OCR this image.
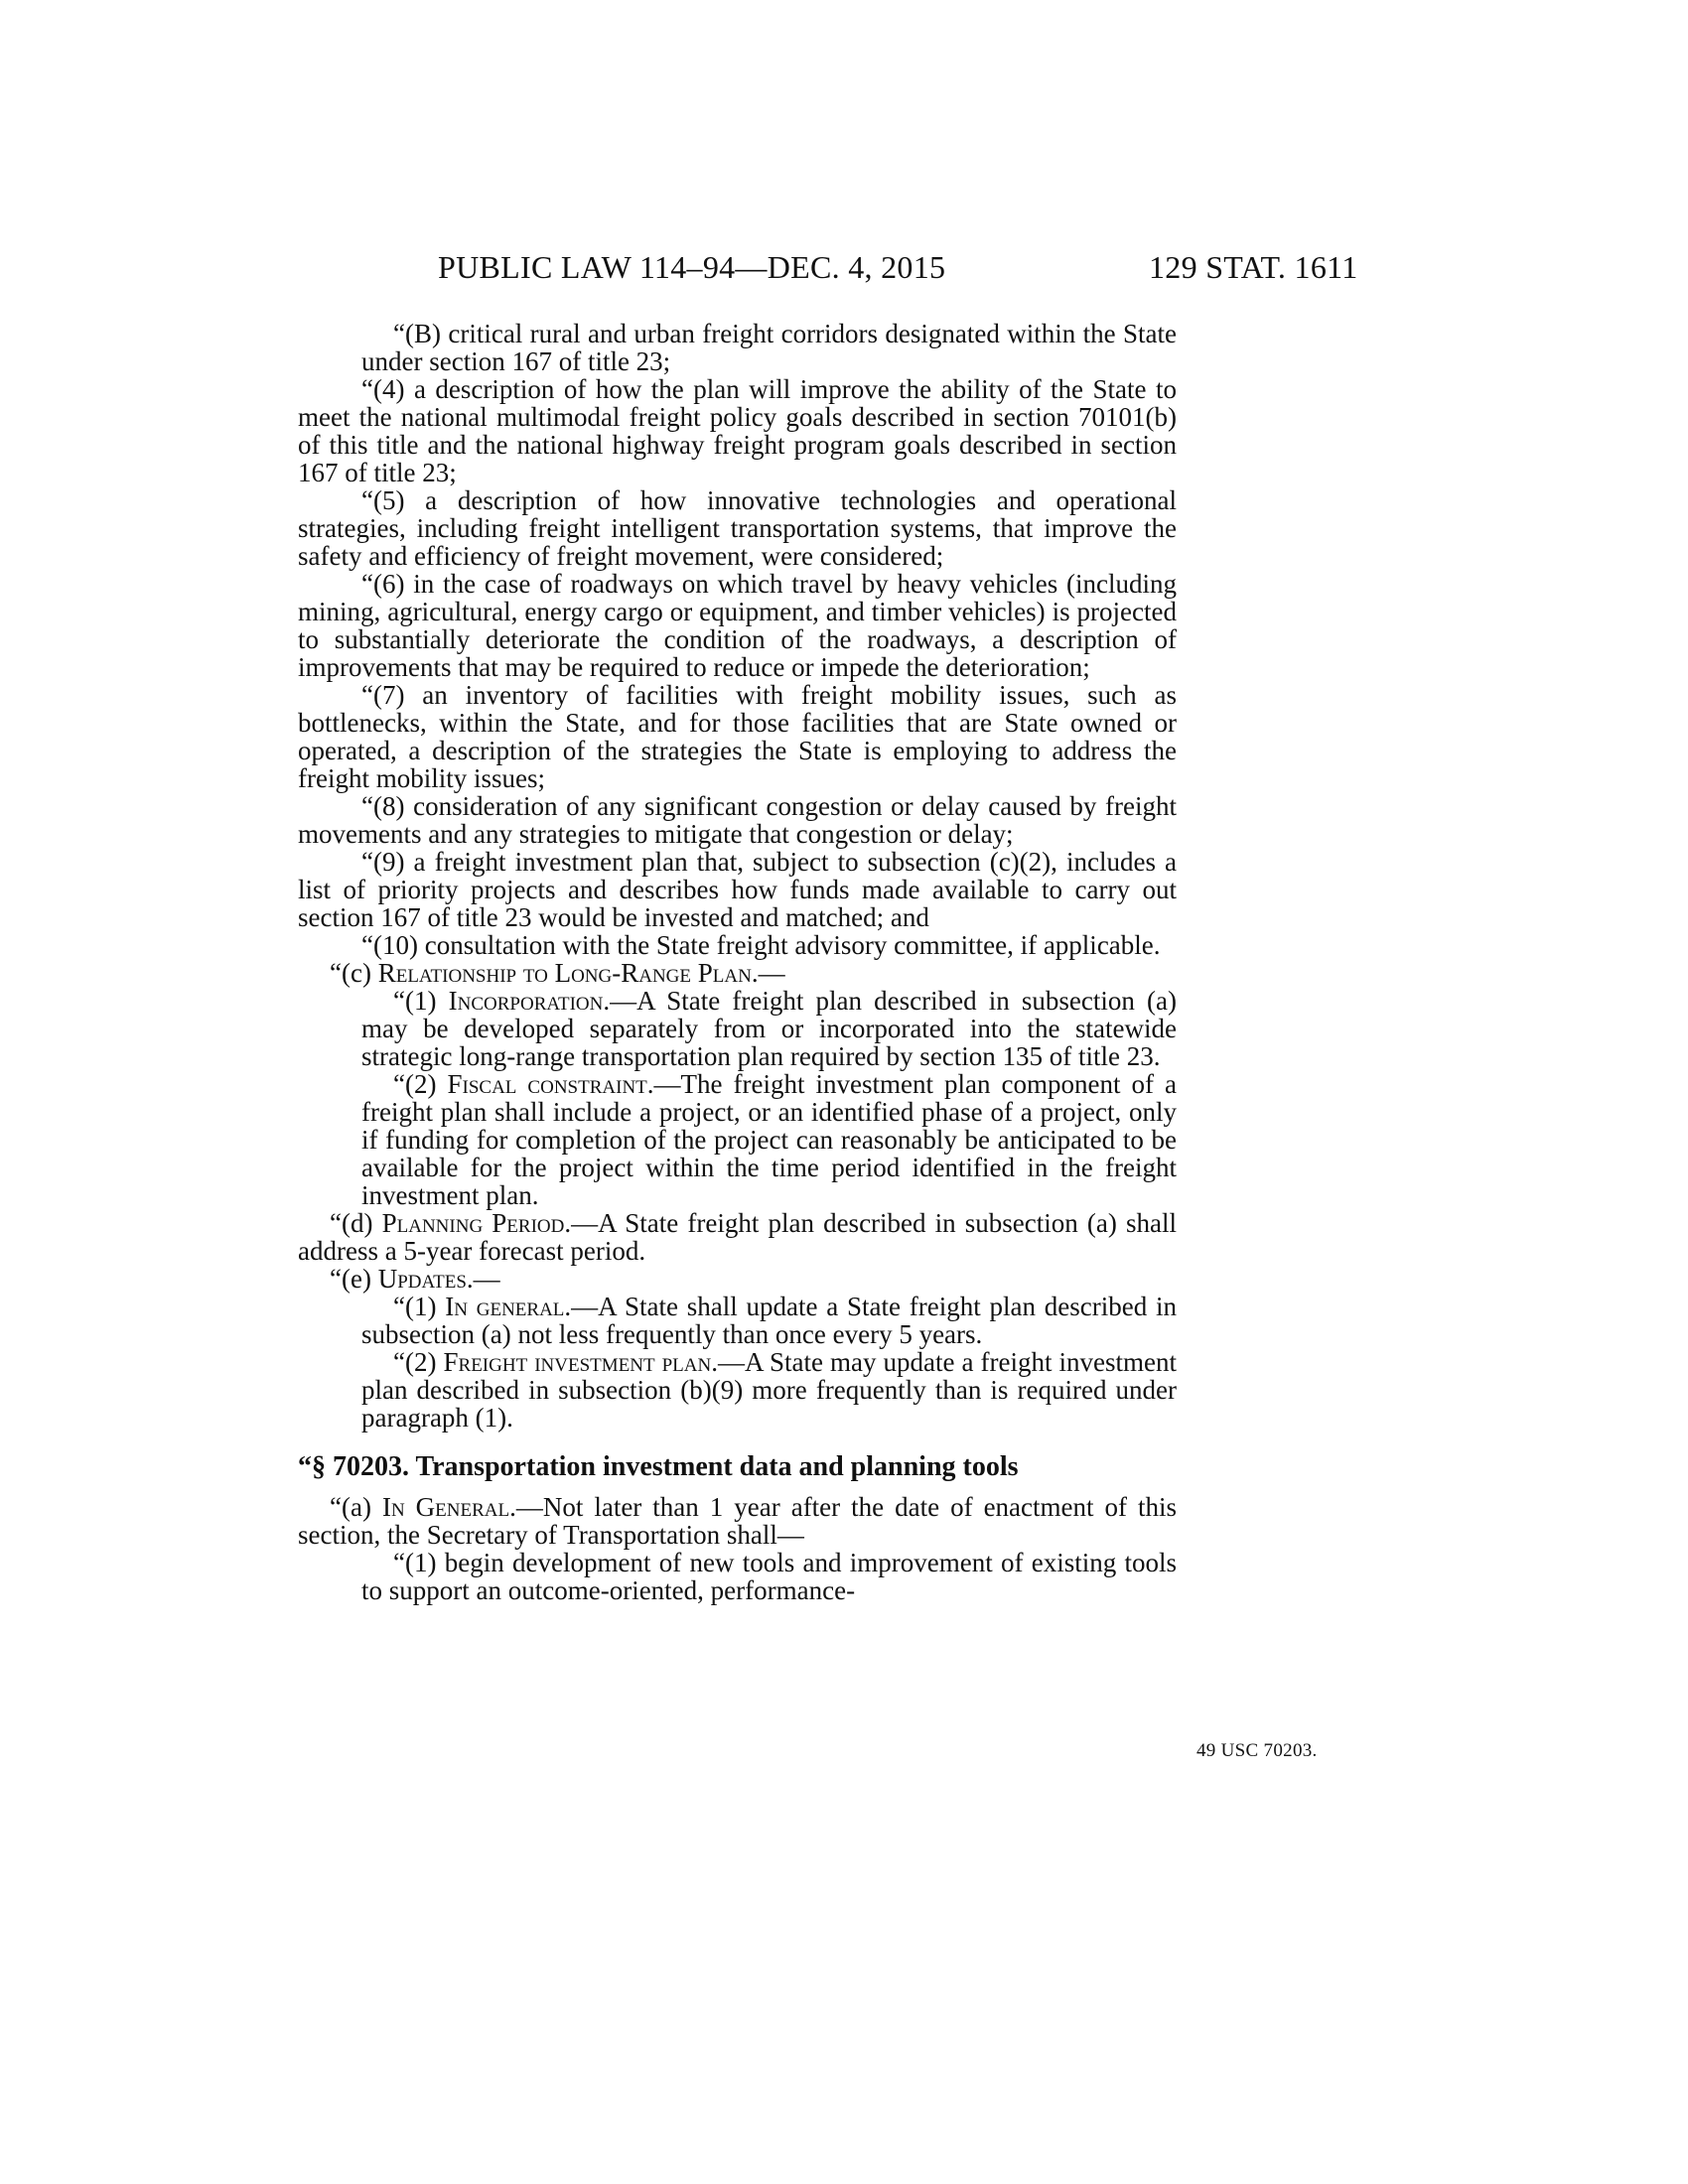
PUBLIC LAW 114–94—DEC. 4, 2015	129 STAT. 1611

“(B) critical rural and urban freight corridors designated within the State under section 167 of title 23;

“(4) a description of how the plan will improve the ability of the State to meet the national multimodal freight policy goals described in section 70101(b) of this title and the national highway freight program goals described in section 167 of title 23;

“(5) a description of how innovative technologies and operational strategies, including freight intelligent transportation systems, that improve the safety and efficiency of freight movement, were considered;

“(6) in the case of roadways on which travel by heavy vehicles (including mining, agricultural, energy cargo or equipment, and timber vehicles) is projected to substantially deteriorate the condition of the roadways, a description of improvements that may be required to reduce or impede the deterioration;

“(7) an inventory of facilities with freight mobility issues, such as bottlenecks, within the State, and for those facilities that are State owned or operated, a description of the strategies the State is employing to address the freight mobility issues;

“(8) consideration of any significant congestion or delay caused by freight movements and any strategies to mitigate that congestion or delay;

“(9) a freight investment plan that, subject to subsection (c)(2), includes a list of priority projects and describes how funds made available to carry out section 167 of title 23 would be invested and matched; and

“(10) consultation with the State freight advisory committee, if applicable.

“(c) Relationship to Long-Range Plan.—

“(1) Incorporation.—A State freight plan described in subsection (a) may be developed separately from or incorporated into the statewide strategic long-range transportation plan required by section 135 of title 23.

“(2) Fiscal constraint.—The freight investment plan component of a freight plan shall include a project, or an identified phase of a project, only if funding for completion of the project can reasonably be anticipated to be available for the project within the time period identified in the freight investment plan.

“(d) Planning Period.—A State freight plan described in subsection (a) shall address a 5-year forecast period.

“(e) Updates.—

“(1) In general.—A State shall update a State freight plan described in subsection (a) not less frequently than once every 5 years.

“(2) Freight investment plan.—A State may update a freight investment plan described in subsection (b)(9) more frequently than is required under paragraph (1).

“§ 70203. Transportation investment data and planning tools

“(a) In General.—Not later than 1 year after the date of enactment of this section, the Secretary of Transportation shall—

“(1) begin development of new tools and improvement of existing tools to support an outcome-oriented, performance-

49 USC 70203.
